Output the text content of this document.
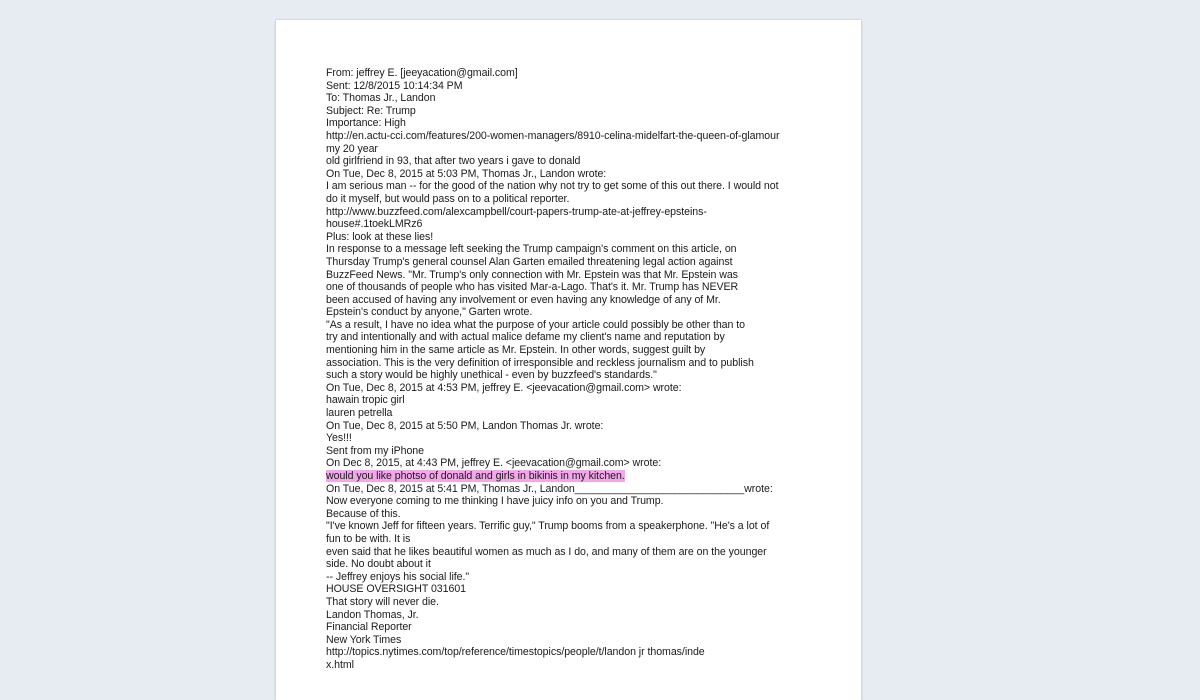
From: jeffrey E. [jeeyacation@gmail.com]
Sent: 12/8/2015 10:14:34 PM
To: Thomas Jr., Landon
Subject: Re: Trump
Importance: High
http://en.actu-cci.com/features/200-women-managers/8910-celina-midelfart-the-queen-of-glamour
my 20 year
old girlfriend in 93, that after two years i gave to donald
On Tue, Dec 8, 2015 at 5:03 PM, Thomas Jr., Landon wrote:
I am serious man -- for the good of the nation why not try to get some of this out there. I would not
do it myself, but would pass on to a political reporter.
http://www.buzzfeed.com/alexcampbell/court-papers-trump-ate-at-jeffrey-epsteins-
house#.1toekLMRz6
Plus: look at these lies!
In response to a message left seeking the Trump campaign's comment on this article, on
Thursday Trump's general counsel Alan Garten emailed threatening legal action against
BuzzFeed News. "Mr. Trump's only connection with Mr. Epstein was that Mr. Epstein was
one of thousands of people who has visited Mar-a-Lago. That's it. Mr. Trump has NEVER
been accused of having any involvement or even having any knowledge of any of Mr.
Epstein's conduct by anyone," Garten wrote.
"As a result, I have no idea what the purpose of your article could possibly be other than to
try and intentionally and with actual malice defame my client's name and reputation by
mentioning him in the same article as Mr. Epstein. In other words, suggest guilt by
association. This is the very definition of irresponsible and reckless journalism and to publish
such a story would be highly unethical - even by buzzfeed's standards."
On Tue, Dec 8, 2015 at 4:53 PM, jeffrey E. <jeevacation@gmail.com> wrote:
hawain tropic girl
lauren petrella
On Tue, Dec 8, 2015 at 5:50 PM, Landon Thomas Jr. wrote:
Yes!!!
Sent from my iPhone
On Dec 8, 2015, at 4:43 PM, jeffrey E. <jeevacation@gmail.com> wrote:
would you like photso of donald and girls in bikinis in my kitchen.
On Tue, Dec 8, 2015 at 5:41 PM, Thomas Jr., Landon_____________________________wrote:
Now everyone coming to me thinking I have juicy info on you and Trump.
Because of this.
"I've known Jeff for fifteen years. Terrific guy," Trump booms from a speakerphone. "He's a lot of
fun to be with. It is
even said that he likes beautiful women as much as I do, and many of them are on the younger
side. No doubt about it
-- Jeffrey enjoys his social life."
HOUSE OVERSIGHT 031601
That story will never die.
Landon Thomas, Jr.
Financial Reporter
New York Times
http://topics.nytimes.com/top/reference/timestopics/people/t/landon jr thomas/inde
x.html
